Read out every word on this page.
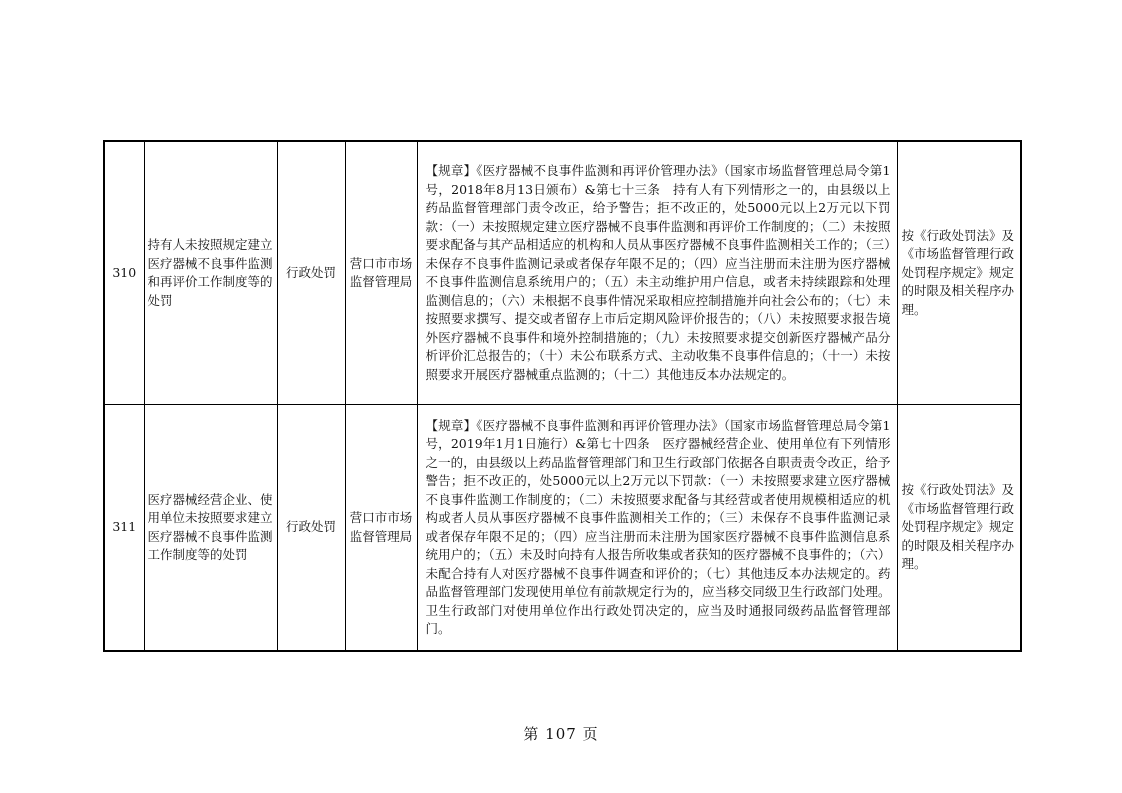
310	持有人未按照规定建立医疗器械不良事件监测和再评价工作制度等的处罚	行政处罚	营口市市场监督管理局	【规章】《医疗器械不良事件监测和再评价管理办法》（国家市场监督管理总局令第1号，2018年8月13日颁布）&第七十三条　持有人有下列情形之一的，由县级以上药品监督管理部门责令改正，给予警告；拒不改正的，处5000元以上2万元以下罚款：（一）未按照规定建立医疗器械不良事件监测和再评价工作制度的；（二）未按照要求配备与其产品相适应的机构和人员从事医疗器械不良事件监测相关工作的；（三）未保存不良事件监测记录或者保存年限不足的；（四）应当注册而未注册为医疗器械不良事件监测信息系统用户的；（五）未主动维护用户信息，或者未持续跟踪和处理监测信息的；（六）未根据不良事件情况采取相应控制措施并向社会公布的；（七）未按照要求撰写、提交或者留存上市后定期风险评价报告的；（八）未按照要求报告境外医疗器械不良事件和境外控制措施的；（九）未按照要求提交创新医疗器械产品分析评价汇总报告的；（十）未公布联系方式、主动收集不良事件信息的；（十一）未按照要求开展医疗器械重点监测的；（十二）其他违反本办法规定的。	按《行政处罚法》及《市场监督管理行政处罚程序规定》规定的时限及相关程序办理。
311	医疗器械经营企业、使用单位未按照要求建立医疗器械不良事件监测工作制度等的处罚	行政处罚	营口市市场监督管理局	【规章】《医疗器械不良事件监测和再评价管理办法》（国家市场监督管理总局令第1号，2019年1月1日施行）&第七十四条　医疗器械经营企业、使用单位有下列情形之一的，由县级以上药品监督管理部门和卫生行政部门依据各自职责责令改正，给予警告；拒不改正的，处5000元以上2万元以下罚款：（一）未按照要求建立医疗器械不良事件监测工作制度的；（二）未按照要求配备与其经营或者使用规模相适应的机构或者人员从事医疗器械不良事件监测相关工作的；（三）未保存不良事件监测记录或者保存年限不足的；（四）应当注册而未注册为国家医疗器械不良事件监测信息系统用户的；（五）未及时向持有人报告所收集或者获知的医疗器械不良事件的；（六）未配合持有人对医疗器械不良事件调查和评价的；（七）其他违反本办法规定的。药品监督管理部门发现使用单位有前款规定行为的，应当移交同级卫生行政部门处理。卫生行政部门对使用单位作出行政处罚决定的，应当及时通报同级药品监督管理部门。	按《行政处罚法》及《市场监督管理行政处罚程序规定》规定的时限及相关程序办理。
第 107 页
